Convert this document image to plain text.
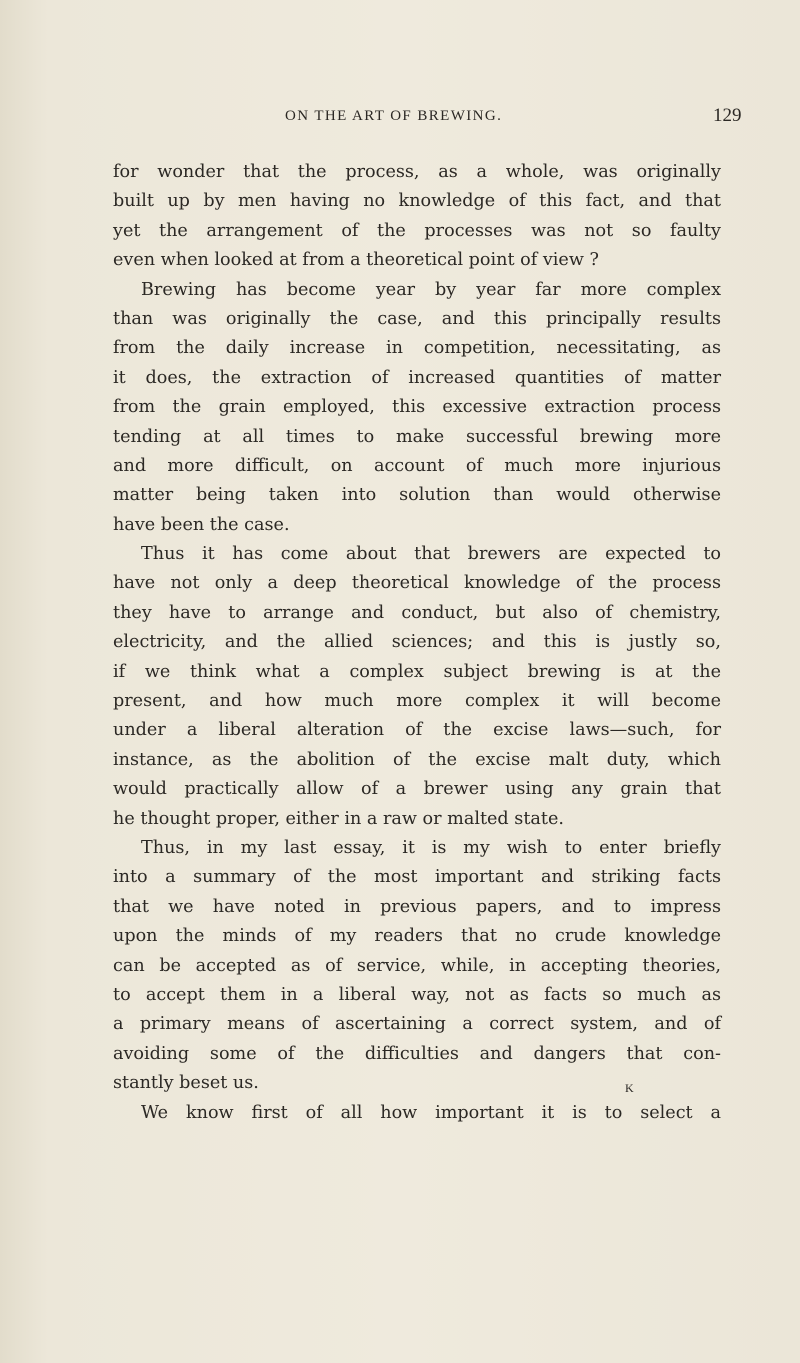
ON THE ART OF BREWING.	129
for wonder that the process, as a whole, was originally
built up by men having no knowledge of this fact, and that
yet the arrangement of the processes was not so faulty
even when looked at from a theoretical point of view ?
Brewing has become year by year far more complex
than was originally the case, and this principally results
from the daily increase in competition, necessitating, as
it does, the extraction of increased quantities of matter
from the grain employed, this excessive extraction process
tending at all times to make successful brewing more
and more difficult, on account of much more injurious
matter being taken into solution than would otherwise
have been the case.
Thus it has come about that brewers are expected to
have not only a deep theoretical knowledge of the process
they have to arrange and conduct, but also of chemistry,
electricity, and the allied sciences; and this is justly so,
if we think what a complex subject brewing is at the
present, and how much more complex it will become
under a liberal alteration of the excise laws—such, for
instance, as the abolition of the excise malt duty, which
would practically allow of a brewer using any grain that
he thought proper, either in a raw or malted state.
Thus, in my last essay, it is my wish to enter briefly
into a summary of the most important and striking facts
that we have noted in previous papers, and to impress
upon the minds of my readers that no crude knowledge
can be accepted as of service, while, in accepting theories,
to accept them in a liberal way, not as facts so much as
a primary means of ascertaining a correct system, and of
avoiding some of the difficulties and dangers that con-
stantly beset us.
We know first of all how important it is to select a
K
